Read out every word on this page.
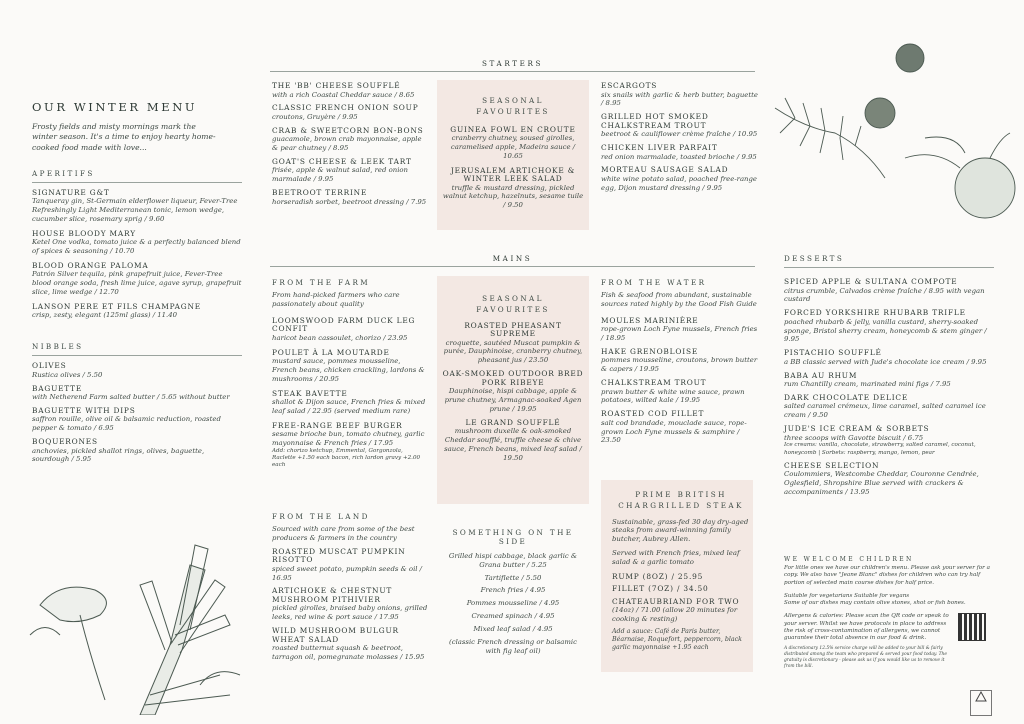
OUR WINTER MENU
Frosty fields and misty mornings mark the winter season. It's a time to enjoy hearty home-cooked food made with love...
APERITIFS
SIGNATURE G&T
Tanqueray gin, St-Germain elderflower liqueur, Fever-Tree Refreshingly Light Mediterranean tonic, lemon wedge, cucumber slice, rosemary sprig / 9.60
HOUSE BLOODY MARY
Ketel One vodka, tomato juice & a perfectly balanced blend of spices & seasoning / 10.70
BLOOD ORANGE PALOMA
Patrón Silver tequila, pink grapefruit juice, Fever-Tree blood orange soda, fresh lime juice, agave syrup, grapefruit slice, lime wedge / 12.70
LANSON PERE ET FILS CHAMPAGNE
crisp, zesty, elegant (125ml glass) / 11.40
NIBBLES
OLIVES
Rustica olives / 5.50
BAGUETTE
with Netherend Farm salted butter / 5.65 without butter
BAGUETTE WITH DIPS
saffron rouille, olive oil & balsamic reduction, roasted pepper & tomato / 6.95
BOQUERONES
anchovies, pickled shallot rings, olives, baguette, sourdough / 5.95
STARTERS
THE 'BB' CHEESE SOUFFLÉ
with a rich Coastal Cheddar sauce / 8.65
CLASSIC FRENCH ONION SOUP
croutons, Gruyère / 9.95
CRAB & SWEETCORN BON-BONS
guacamole, brown crab mayonnaise, apple & pear chutney / 8.95
GOAT'S CHEESE & LEEK TART
frisée, apple & walnut salad, red onion marmalade / 9.95
BEETROOT TERRINE
horseradish sorbet, beetroot dressing / 7.95
SEASONAL FAVOURITES
GUINEA FOWL EN CROUTE
cranberry chutney, soused girolles, caramelised apple, Madeira sauce / 10.65
JERUSALEM ARTICHOKE & WINTER LEEK SALAD
truffle & mustard dressing, pickled walnut ketchup, hazelnuts, sesame tuile / 9.50
ESCARGOTS
six snails with garlic & herb butter, baguette / 8.95
GRILLED HOT SMOKED CHALKSTREAM TROUT
beetroot & cauliflower crème fraîche / 10.95
CHICKEN LIVER PARFAIT
red onion marmalade, toasted brioche / 9.95
MORTEAU SAUSAGE SALAD
white wine potato salad, poached free-range egg, Dijon mustard dressing / 9.95
MAINS
FROM THE FARM
From hand-picked farmers who care passionately about quality
LOOMSWOOD FARM DUCK LEG CONFIT
haricot bean cassoulet, chorizo / 23.95
POULET À LA MOUTARDE
mustard sauce, pommes mousseline, French beans, chicken crackling, lardons & mushrooms / 20.95
STEAK BAVETTE
shallot & Dijon sauce, French fries & mixed leaf salad / 22.95 (served medium rare)
FREE-RANGE BEEF BURGER
sesame brioche bun, tomato chutney, garlic mayonnaise & French fries / 17.95
Add: chorizo ketchup, Emmental, Gorgonzola, Raclette +1.50 each bacon, rich lardon gravy +2.00 each
FROM THE LAND
Sourced with care from some of the best producers & farmers in the country
ROASTED MUSCAT PUMPKIN RISOTTO
spiced sweet potato, pumpkin seeds & oil / 16.95
ARTICHOKE & CHESTNUT MUSHROOM PITHIVIER
pickled girolles, braised baby onions, grilled leeks, red wine & port sauce / 17.95
WILD MUSHROOM BULGUR WHEAT SALAD
roasted butternut squash & beetroot, tarragon oil, pomegranate molasses / 15.95
SEASONAL FAVOURITES
ROASTED PHEASANT SUPREME
croquette, sautéed Muscat pumpkin & purée, Dauphinoise, cranberry chutney, pheasant jus / 23.50
OAK-SMOKED OUTDOOR BRED PORK RIBEYE
Dauphinoise, hispi cabbage, apple & prune chutney, Armagnac-soaked Agen prune / 19.95
LE GRAND SOUFFLÉ
mushroom duxelle & oak-smoked Cheddar soufflé, truffle cheese & chive sauce, French beans, mixed leaf salad / 19.50
SOMETHING ON THE SIDE
Grilled hispi cabbage, black garlic & Grana butter / 5.25
Tartiflette / 5.50
French fries / 4.95
Pommes mousseline / 4.95
Creamed spinach / 4.95
Mixed leaf salad / 4.95
(classic French dressing or balsamic with fig leaf oil)
FROM THE WATER
Fish & seafood from abundant, sustainable sources rated highly by the Good Fish Guide
MOULES MARINIÈRE
rope-grown Loch Fyne mussels, French fries / 18.95
HAKE GRENOBLOISE
pommes mousseline, croutons, brown butter & capers / 19.95
CHALKSTREAM TROUT
prawn butter & white wine sauce, prawn potatoes, wilted kale / 19.95
ROASTED COD FILLET
salt cod brandade, mouclade sauce, rope-grown Loch Fyne mussels & samphire / 23.50
PRIME BRITISH CHARGRILLED STEAK
Sustainable, grass-fed 30 day dry-aged steaks from award-winning family butcher, Aubrey Allen.
Served with French fries, mixed leaf salad & a garlic tomato
RUMP (8OZ) / 25.95
FILLET (7OZ) / 34.50
CHATEAUBRIAND FOR TWO
(14oz) / 71.00 (allow 20 minutes for cooking & resting)
Add a sauce: Café de Paris butter, Béarnaise, Roquefort, peppercorn, black garlic mayonnaise +1.95 each
DESSERTS
SPICED APPLE & SULTANA COMPOTE
citrus crumble, Calvados crème fraîche / 8.95 with vegan custard
FORCED YORKSHIRE RHUBARB TRIFLE
poached rhubarb & jelly, vanilla custard, sherry-soaked sponge, Bristol sherry cream, honeycomb & stem ginger / 9.95
PISTACHIO SOUFFLÉ
a BB classic served with Jude's chocolate ice cream / 9.95
BABA AU RHUM
rum Chantilly cream, marinated mini figs / 7.95
DARK CHOCOLATE DELICE
salted caramel crémeux, lime caramel, salted caramel ice cream / 9.50
JUDE'S ICE CREAM & SORBETS
three scoops with Gavotte biscuit / 6.75
Ice creams: vanilla, chocolate, strawberry, salted caramel, coconut, honeycomb | Sorbets: raspberry, mango, lemon, pear
CHEESE SELECTION
Coulommiers, Westcombe Cheddar, Couronne Cendrée, Oglesfield, Shropshire Blue served with crackers & accompaniments / 13.95
WE WELCOME CHILDREN
For little ones we have our children's menu. Please ask your server for a copy. We also have "Jeane Blanc" dishes for children who can try half portion of selected main course dishes for half price.
Suitable for vegetarians Suitable for vegans
Some of our dishes may contain olive stones, shot or fish bones.
Allergens & calories: Please scan the QR code or speak to your server. Whilst we have protocols in place to address the risk of cross-contamination of allergens, we cannot guarantee their total absence in our food & drink.
A discretionary 12.5% service charge will be added to your bill & fairly distributed among the team who prepared & served your food today. The gratuity is discretionary - please ask us if you would like us to remove it from the bill.
